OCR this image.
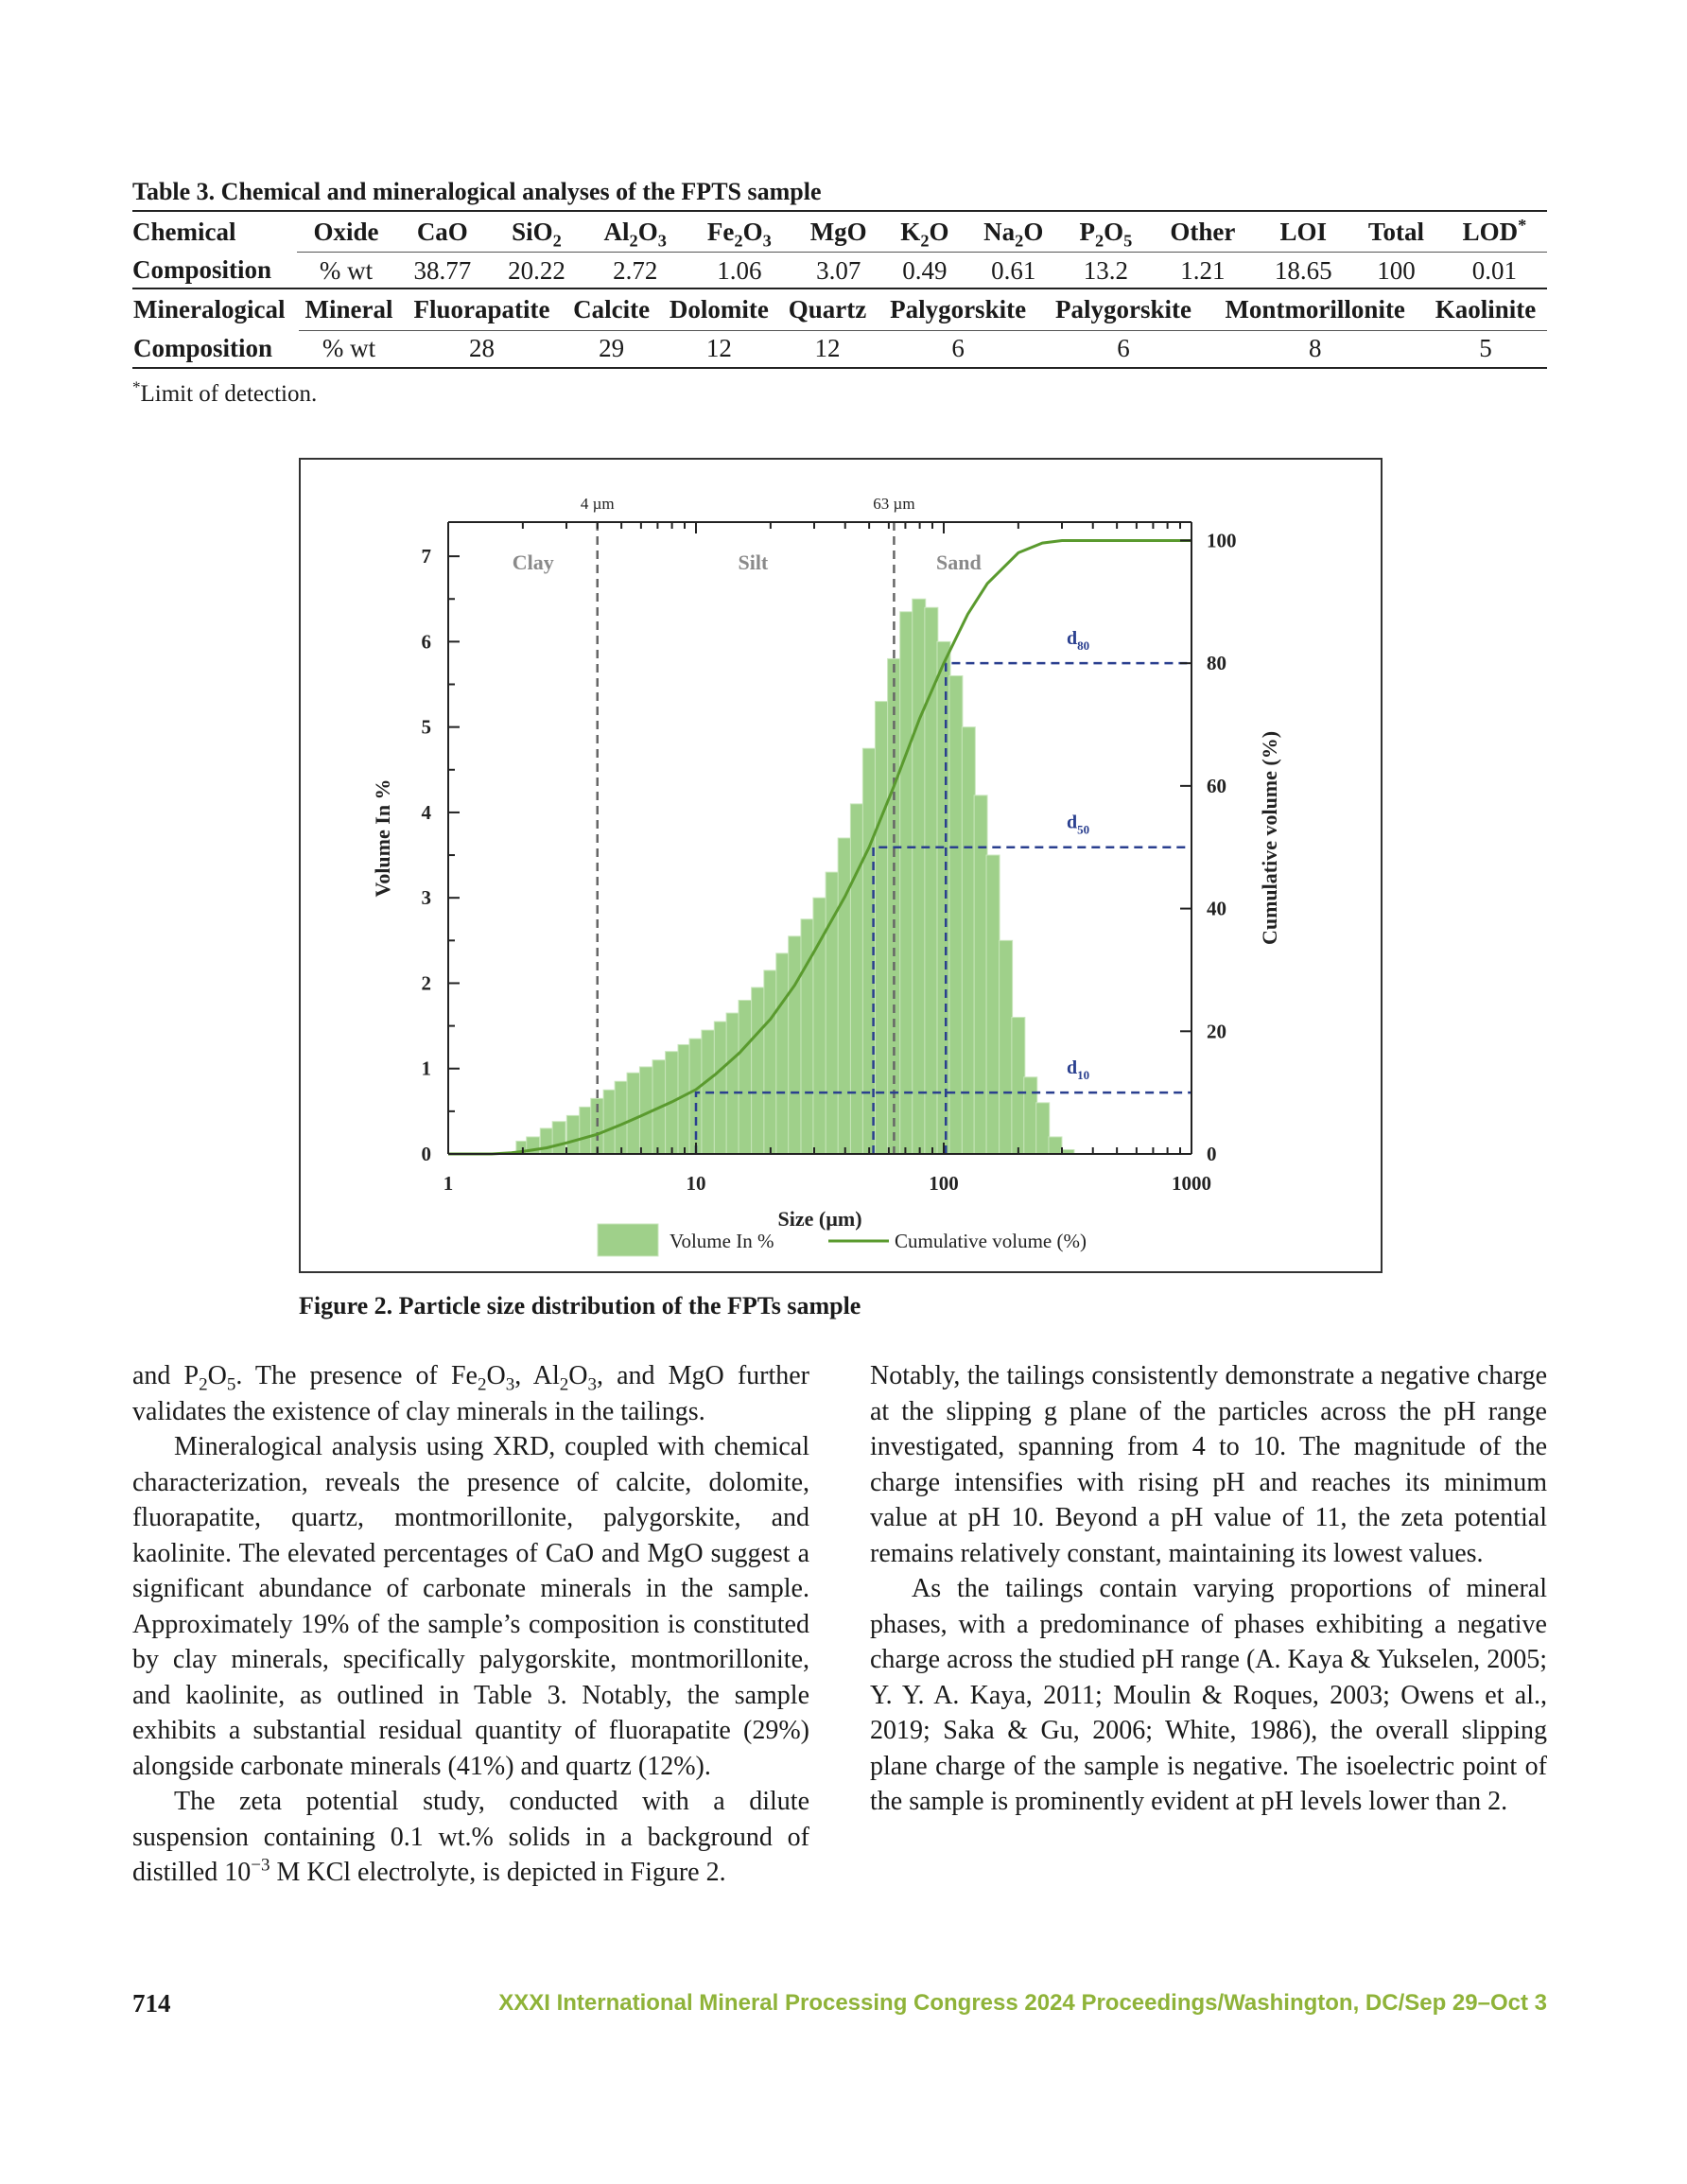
Table 3. Chemical and mineralogical analyses of the FPTS sample
Chemical	Oxide	CaO	SiO$_2$	$Al_2O_3$	$Fe_2O_3$	MgO	$K_2O$	$Na_2O$	$P_2O_5$	Other	LOI	Total	LOD*
Composition	% wt	38.77	20.22	2.72	1.06	3.07	0.49	0.61	13.2	1.21	18.65	100	0.01
Mineralogical	Mineral	Fluorapatite	Calcite	Dolomite	Quartz	Palygorskite	Palygorskite	Montmorillonite	Kaolinite
Composition	% wt	28	29	12	12	6	6	8	5
*Limit of detection.
4 µm	63 µm
Clay	Silt	Sand
$d_{10}$
$d_{50}$
$d_{80}$
1	10	100	1000
0
1
2
3
4
5
6
7
0
20
40
60
80
100
Size (µm)
Volume In %	Cumulative volume (%)
Volume In %	Cumulative volume (%)
Figure 2. Particle size distribution of the FPTs sample

and $P_2O_5$. The presence of $Fe_2O_3$, $Al_2O_3$, and MgO further validates the existence of clay minerals in the tailings.

Mineralogical analysis using XRD, coupled with chemical characterization, reveals the presence of calcite, dolomite, fluorapatite, quartz, montmorillonite, palygorskite, and kaolinite. The elevated percentages of CaO and MgO suggest a significant abundance of carbonate minerals in the sample. Approximately 19% of the sample’s composition is constituted by clay minerals, specifically palygorskite, montmorillonite, and kaolinite, as outlined in Table 3. Notably, the sample exhibits a substantial residual quantity of fluorapatite (29%) alongside carbonate minerals (41%) and quartz (12%).

The zeta potential study, conducted with a dilute suspension containing 0.1 wt.% solids in a background of distilled $10^{-3}$ M KCl electrolyte, is depicted in Figure 2.

Notably, the tailings consistently demonstrate a negative charge at the slipping g plane of the particles across the pH range investigated, spanning from 4 to 10. The magnitude of the charge intensifies with rising pH and reaches its minimum value at pH 10. Beyond a pH value of 11, the zeta potential remains relatively constant, maintaining its lowest values.

As the tailings contain varying proportions of mineral phases, with a predominance of phases exhibiting a negative charge across the studied pH range (A. Kaya & Yukselen, 2005; Y. Y. A. Kaya, 2011; Moulin & Roques, 2003; Owens et al., 2019; Saka & Gu, 2006; White, 1986), the overall slipping plane charge of the sample is negative. The isoelectric point of the sample is prominently evident at pH levels lower than 2.

714	XXXI International Mineral Processing Congress 2024 Proceedings/Washington, DC/Sep 29–Oct 3
